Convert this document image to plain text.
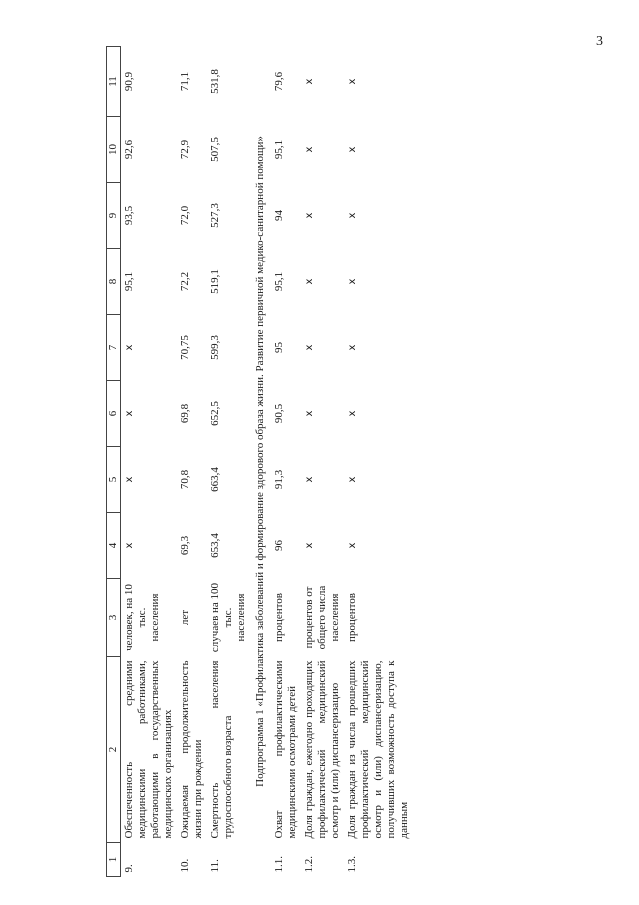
3
1	2	3	4	5	6	7	8	9	10	11
9.	Обеспеченность средними медицинскими работниками, работающими в государственных медицинских организациях	человек, на 10 тыс. населения	x	x	x	x	95,1	93,5	92,6	90,9
10.	Ожидаемая продолжительность жизни при рождении	лет	69,3	70,8	69,8	70,75	72,2	72,0	72,9	71,1
11.	Смертность населения трудоспособного возраста	случаев на 100 тыс. населения	653,4	663,4	652,5	599,3	519,1	527,3	507,5	531,8
Подпрограмма 1 «Профилактика заболеваний и формирование здорового образа жизни. Развитие первичной медико-санитарной помощи»										
1.1.	Охват профилактическими медицинскими осмотрами детей	процентов	96	91,3	90,5	95	95,1	94	95,1	79,6
1.2.	Доля граждан, ежегодно проходящих профилактический медицинский осмотр и (или) диспансеризацию	процентов от общего числа населения	x	x	x	x	x	x	x	x
1.3.	Доля граждан из числа прошедших профилактический медицинский осмотр и (или) диспансеризацию, получивших возможность доступа к данным	процентов	x	x	x	x	x	x	x	x
